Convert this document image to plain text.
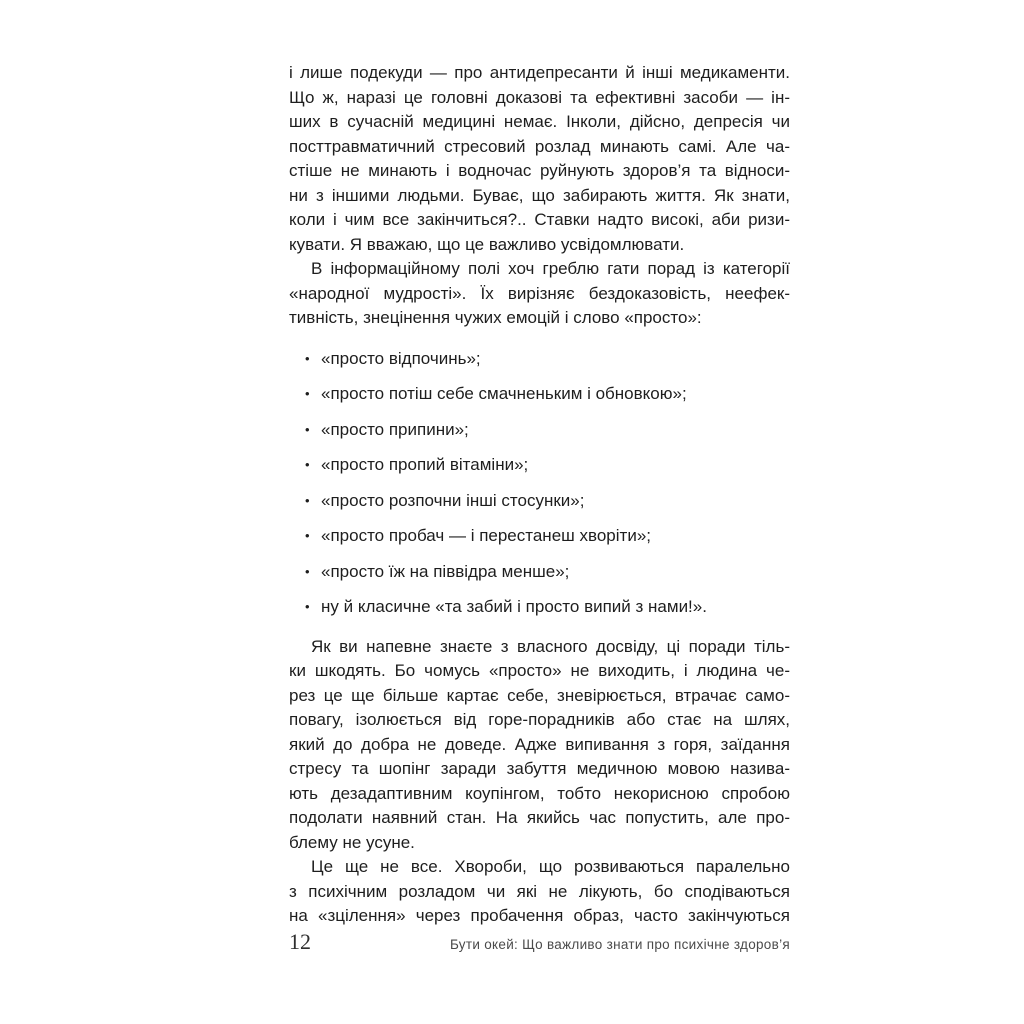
і лише подекуди — про антидепресанти й інші медикаменти.
Що ж, наразі це головні доказові та ефективні засоби — ін-
ших в сучасній медицині немає. Інколи, дійсно, депресія чи
посттравматичний стресовий розлад минають самі. Але ча-
стіше не минають і водночас руйнують здоров’я та відноси-
ни з іншими людьми. Буває, що забирають життя. Як знати,
коли і чим все закінчиться?.. Ставки надто високі, аби ризи-
кувати. Я вважаю, що це важливо усвідомлювати.
В інформаційному полі хоч греблю гати порад із категорії
«народної мудрості». Їх вирізняє бездоказовість, неефек-
тивність, знецінення чужих емоцій і слово «просто»:
• «просто відпочинь»;
• «просто потіш себе смачненьким і обновкою»;
• «просто припини»;
• «просто пропий вітаміни»;
• «просто розпочни інші стосунки»;
• «просто пробач — і перестанеш хворіти»;
• «просто їж на піввідра менше»;
• ну й класичне «та забий і просто випий з нами!».
Як ви напевне знаєте з власного досвіду, ці поради тіль-
ки шкодять. Бо чомусь «просто» не виходить, і людина че-
рез це ще більше картає себе, зневірюється, втрачає само-
повагу, ізолюється від горе-порадників або стає на шлях,
який до добра не доведе. Адже випивання з горя, заїдання
стресу та шопінг заради забуття медичною мовою назива-
ють дезадаптивним коупінгом, тобто некорисною спробою
подолати наявний стан. На якийсь час попустить, але про-
блему не усуне.
Це ще не все. Хвороби, що розвиваються паралельно
з психічним розладом чи які не лікують, бо сподіваються
на «зцілення» через пробачення образ, часто закінчуються
12	Бути окей: Що важливо знати про психічне здоров’я
